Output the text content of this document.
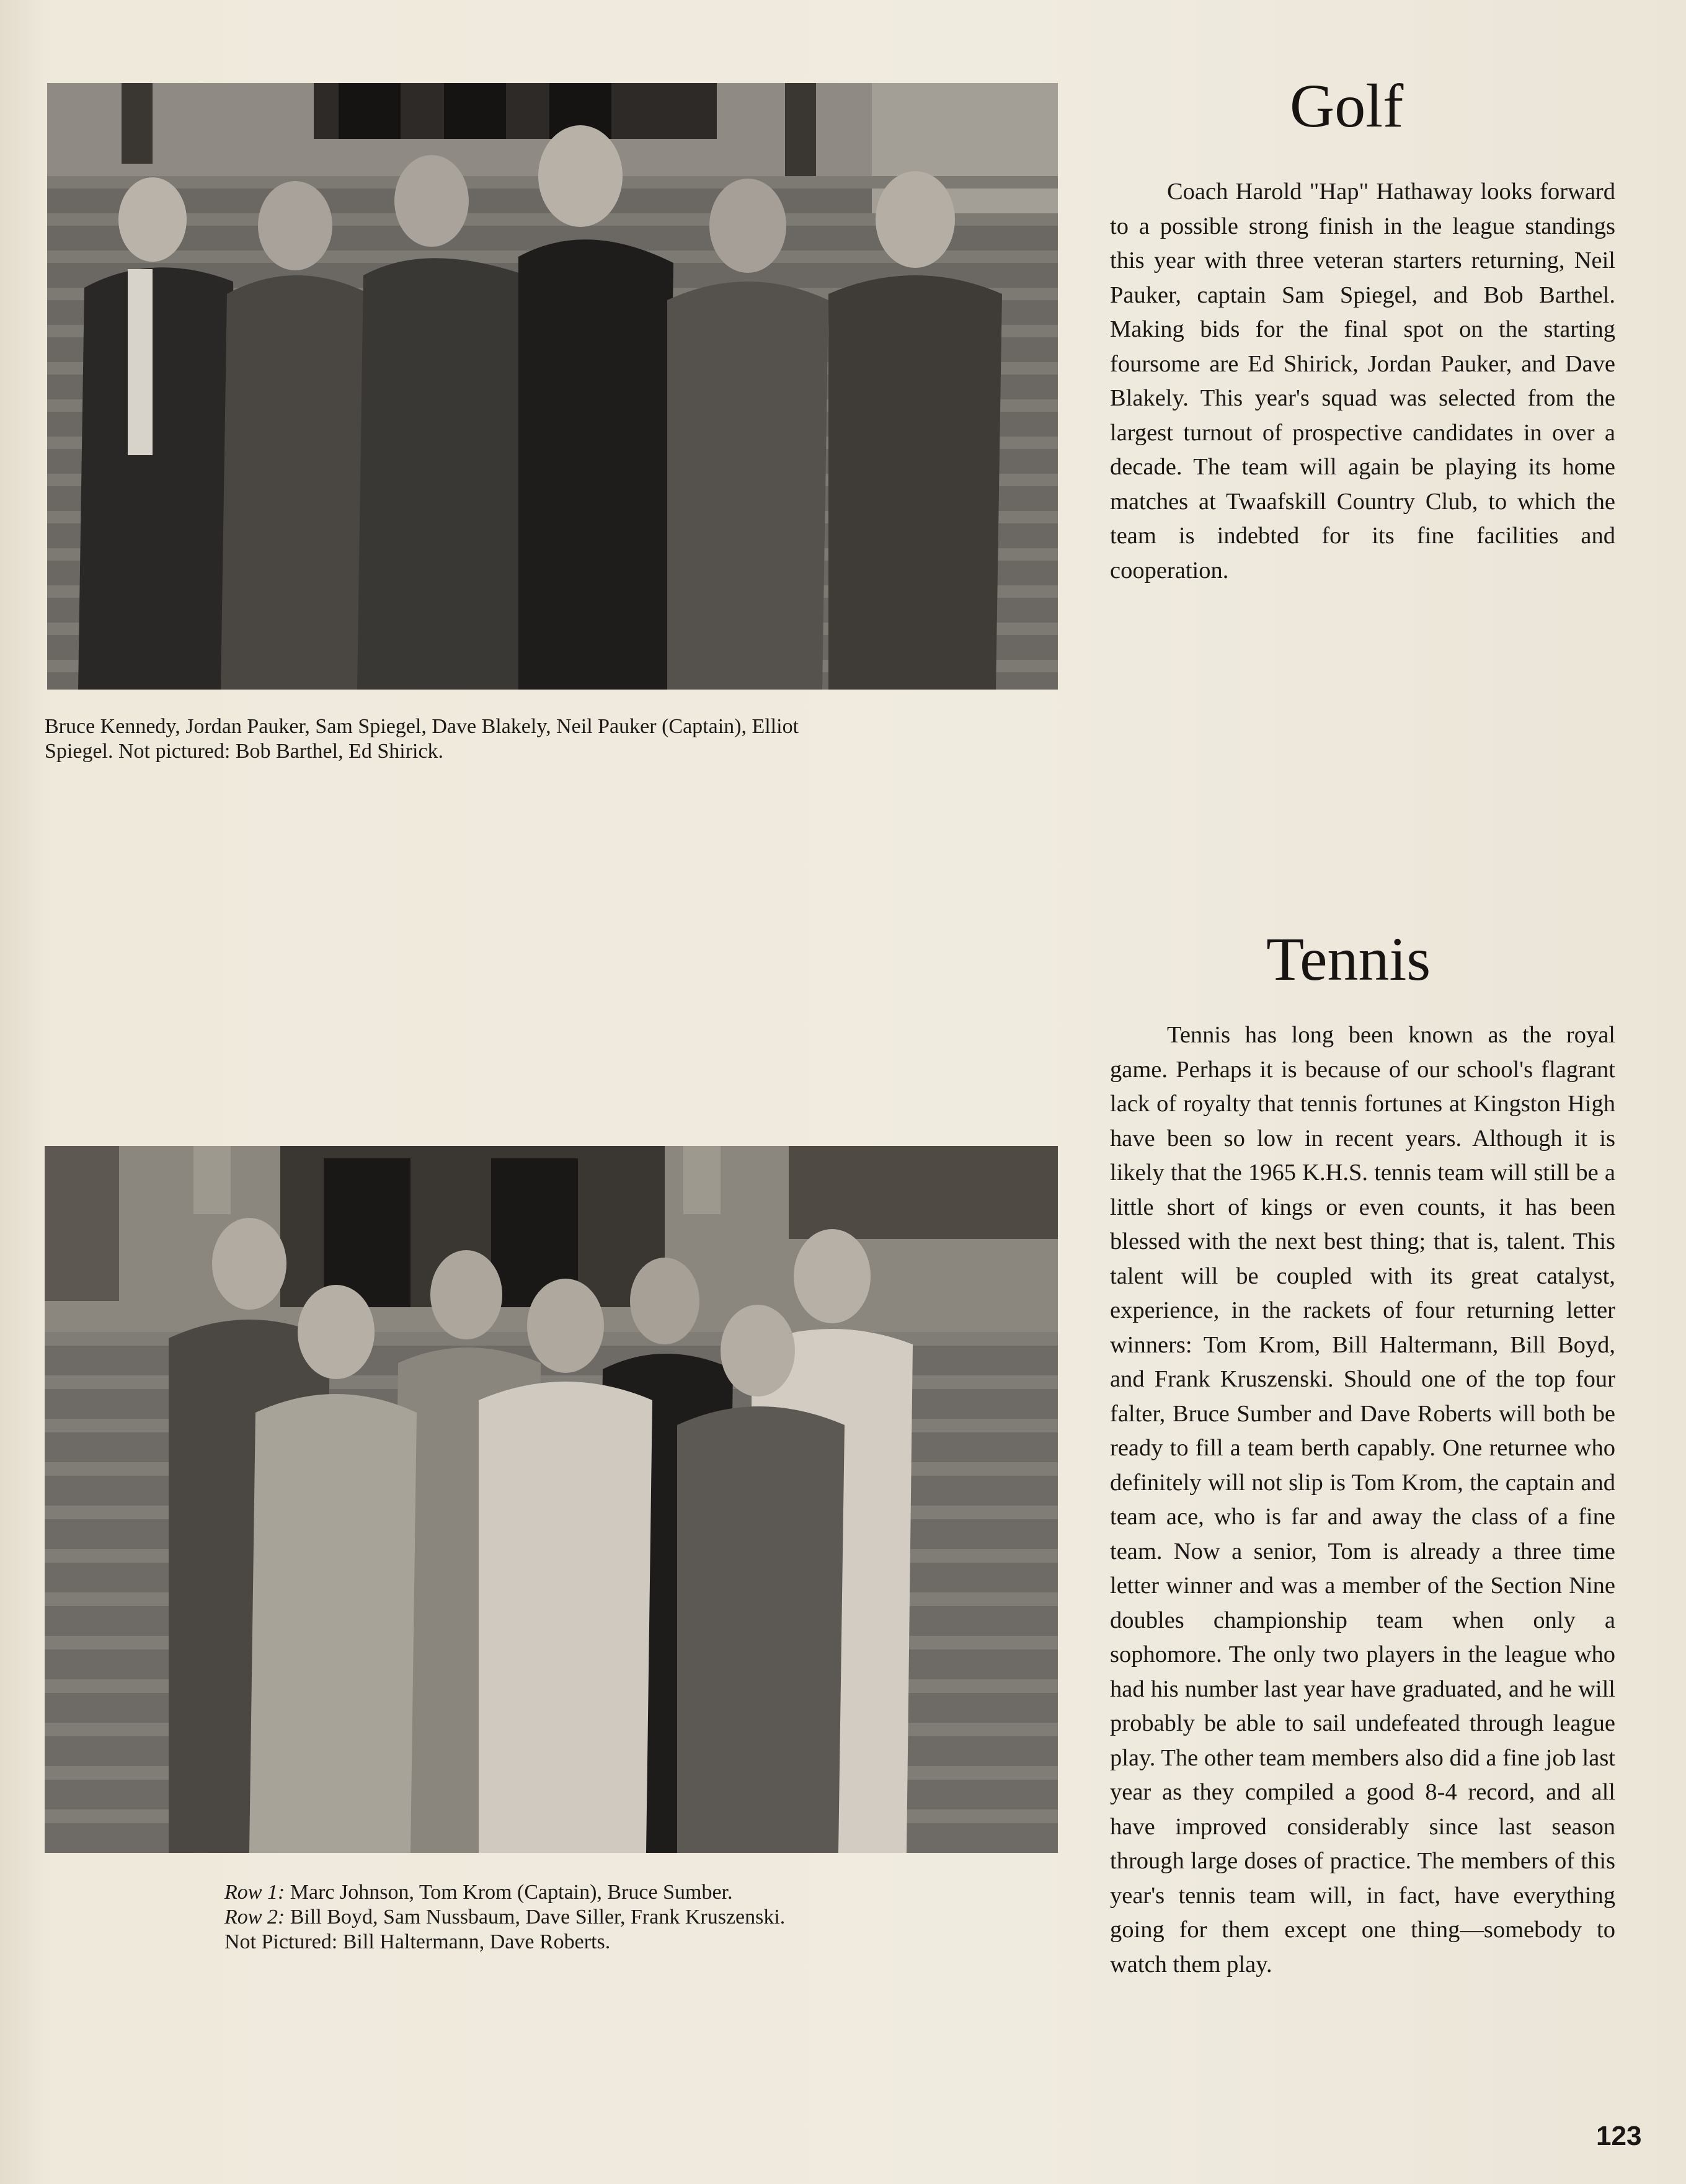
Bruce Kennedy, Jordan Pauker, Sam Spiegel, Dave Blakely, Neil Pauker (Captain), Elliot
Spiegel. Not pictured: Bob Barthel, Ed Shirick.
Golf

Coach Harold "Hap" Hathaway looks forward to a possible strong finish in the league standings this year with three veteran starters returning, Neil Pauker, captain Sam Spiegel, and Bob Barthel. Making bids for the final spot on the starting foursome are Ed Shirick, Jordan Pauker, and Dave Blakely. This year's squad was selected from the largest turnout of prospective candidates in over a decade. The team will again be playing its home matches at Twaafskill Country Club, to which the team is indebted for its fine facilities and cooperation.

Row 1: Marc Johnson, Tom Krom (Captain), Bruce Sumber.
Row 2: Bill Boyd, Sam Nussbaum, Dave Siller, Frank Kruszenski.
Not Pictured: Bill Haltermann, Dave Roberts.
Tennis

Tennis has long been known as the royal game. Perhaps it is because of our school's flagrant lack of royalty that tennis fortunes at Kingston High have been so low in recent years. Although it is likely that the 1965 K.H.S. tennis team will still be a little short of kings or even counts, it has been blessed with the next best thing; that is, talent. This talent will be coupled with its great catalyst, experience, in the rackets of four returning letter winners: Tom Krom, Bill Haltermann, Bill Boyd, and Frank Kruszenski. Should one of the top four falter, Bruce Sumber and Dave Roberts will both be ready to fill a team berth capably. One returnee who definitely will not slip is Tom Krom, the captain and team ace, who is far and away the class of a fine team. Now a senior, Tom is already a three time letter winner and was a member of the Section Nine doubles championship team when only a sophomore. The only two players in the league who had his number last year have graduated, and he will probably be able to sail undefeated through league play. The other team members also did a fine job last year as they compiled a good 8-4 record, and all have improved considerably since last season through large doses of practice. The members of this year's tennis team will, in fact, have everything going for them except one thing—somebody to watch them play.

123
